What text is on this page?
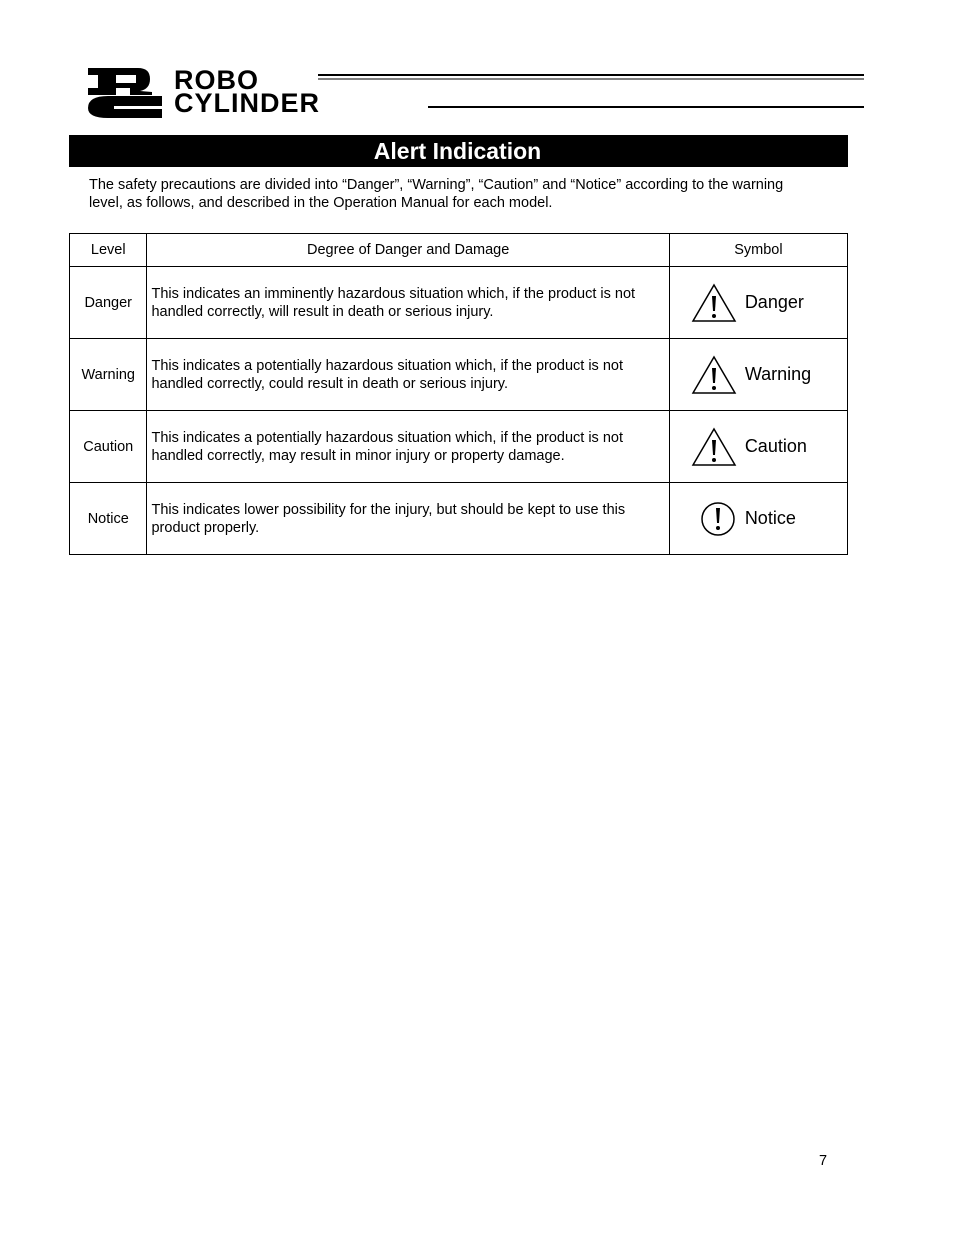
ROBO
CYLINDER
Alert Indication
The safety precautions are divided into “Danger”, “Warning”, “Caution” and “Notice” according to the warning level, as follows, and described in the Operation Manual for each model.
Level	Degree of Danger and Damage	Symbol
Danger	This indicates an imminently hazardous situation which, if the product is not handled correctly, will result in death or serious injury.	Danger

Warning	This indicates a potentially hazardous situation which, if the product is not handled correctly, could result in death or serious injury.	Warning

Caution	This indicates a potentially hazardous situation which, if the product is not handled correctly, may result in minor injury or property damage.	Caution

Notice	This indicates lower possibility for the injury, but should be kept to use this product properly.	Notice
7
